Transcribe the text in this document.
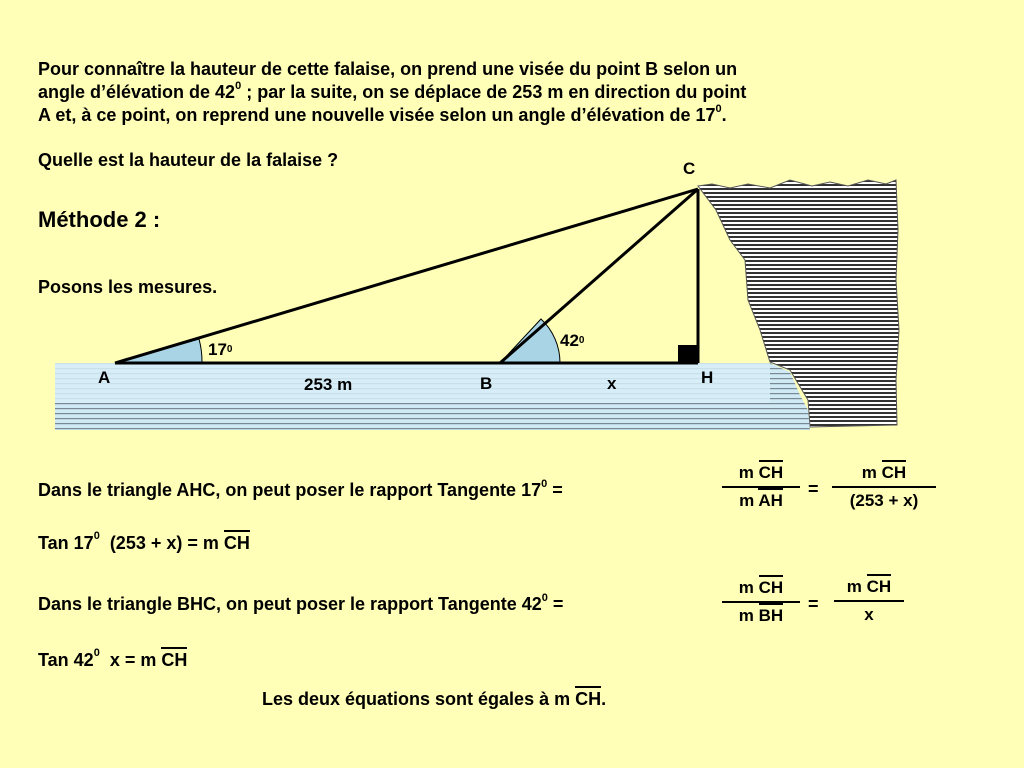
Pour connaître la hauteur de cette falaise, on prend une visée du point B selon un
angle d’élévation de $42^0$ ; par la suite, on se déplace de 253 m en direction du point
A et, à ce point, on reprend une nouvelle visée selon un angle d’élévation de $17^0$.
Quelle est la hauteur de la falaise ?
Méthode 2 :
Posons les mesures.
C
A	B	H
x
253 m
$17^0$	$42^0$
Dans le triangle AHC, on peut poser le rapport Tangente $17^0$ =
m CH
m AH
=
m CH
(253 + x)
Tan $17^0$  (253 + x) = m CH
Dans le triangle BHC, on peut poser le rapport Tangente $42^0$ =
m CH
m BH
=
m CH
x
Tan $42^0$  x = m CH
Les deux équations sont égales à m CH.
